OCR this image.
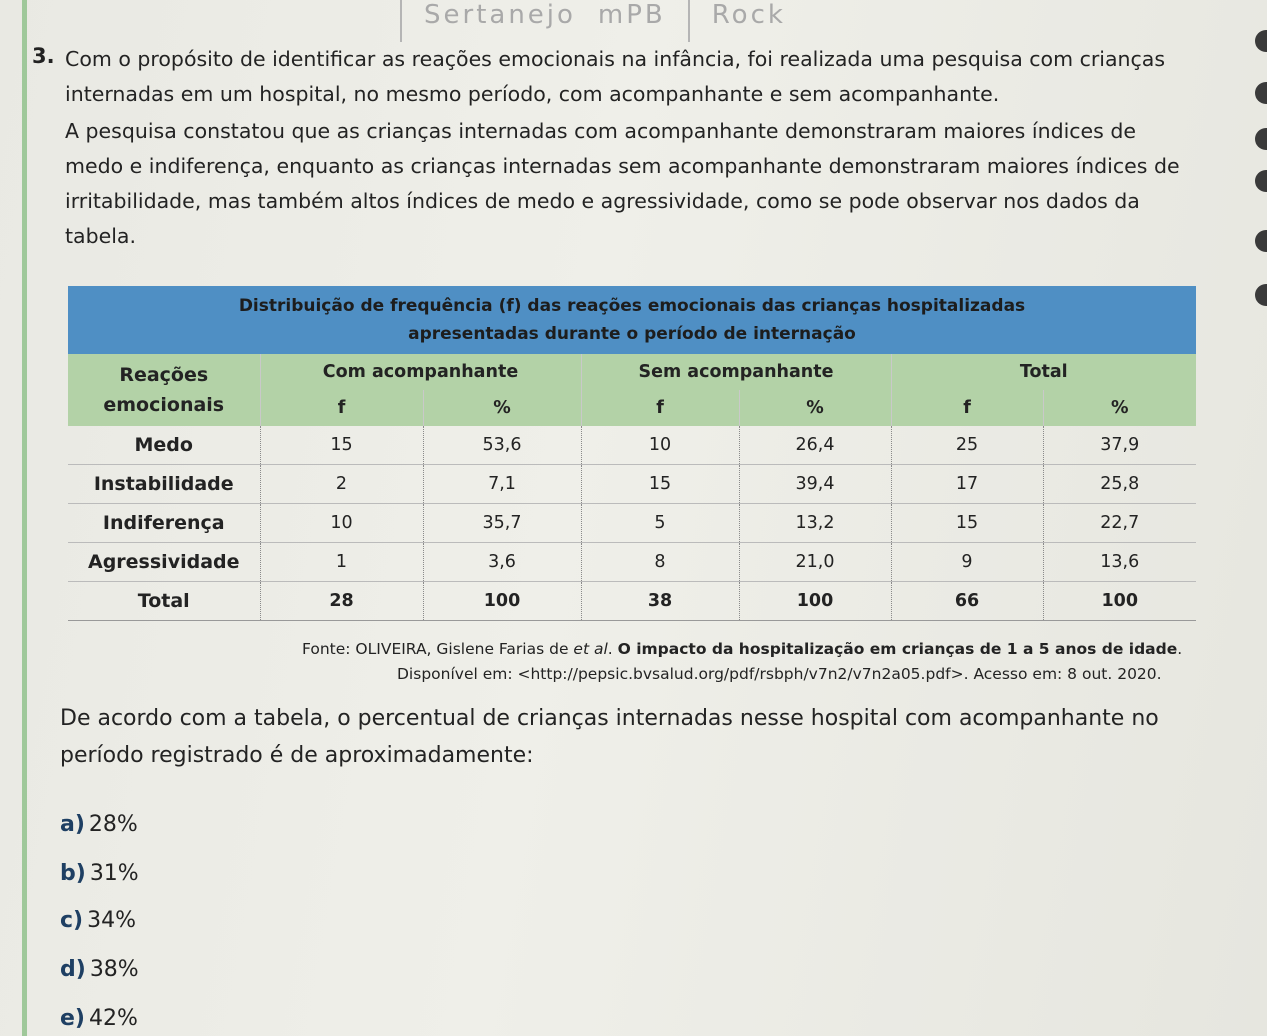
Sertanejo mPB Rock
3. Com o propósito de identificar as reações emocionais na infância, foi realizada uma pesquisa com crianças internadas em um hospital, no mesmo período, com acompanhante e sem acompanhante.

A pesquisa constatou que as crianças internadas com acompanhante demonstraram maiores índices de medo e indiferença, enquanto as crianças internadas sem acompanhante demonstraram maiores índices de irritabilidade, mas também altos índices de medo e agressividade, como se pode observar nos dados da tabela.

Distribuição de frequência (f) das reações emocionais das crianças hospitalizadas
apresentadas durante o período de internação
Reações emocionais	Com acompanhante		Sem acompanhante		Total	
	f	%	f	%	f	%
Medo	15	53,6	10	26,4	25	37,9
Instabilidade	2	7,1	15	39,4	17	25,8
Indiferença	10	35,7	5	13,2	15	22,7
Agressividade	1	3,6	8	21,0	9	13,6
Total	28	100	38	100	66	100
Fonte: OLIVEIRA, Gislene Farias de et al. O impacto da hospitalização em crianças de 1 a 5 anos de idade.
Disponível em: <http://pepsic.bvsalud.org/pdf/rsbph/v7n2/v7n2a05.pdf>. Acesso em: 8 out. 2020.

De acordo com a tabela, o percentual de crianças internadas nesse hospital com acompanhante no período registrado é de aproximadamente:

a) 28%
b) 31%
c) 34%
d) 38%
e) 42%
